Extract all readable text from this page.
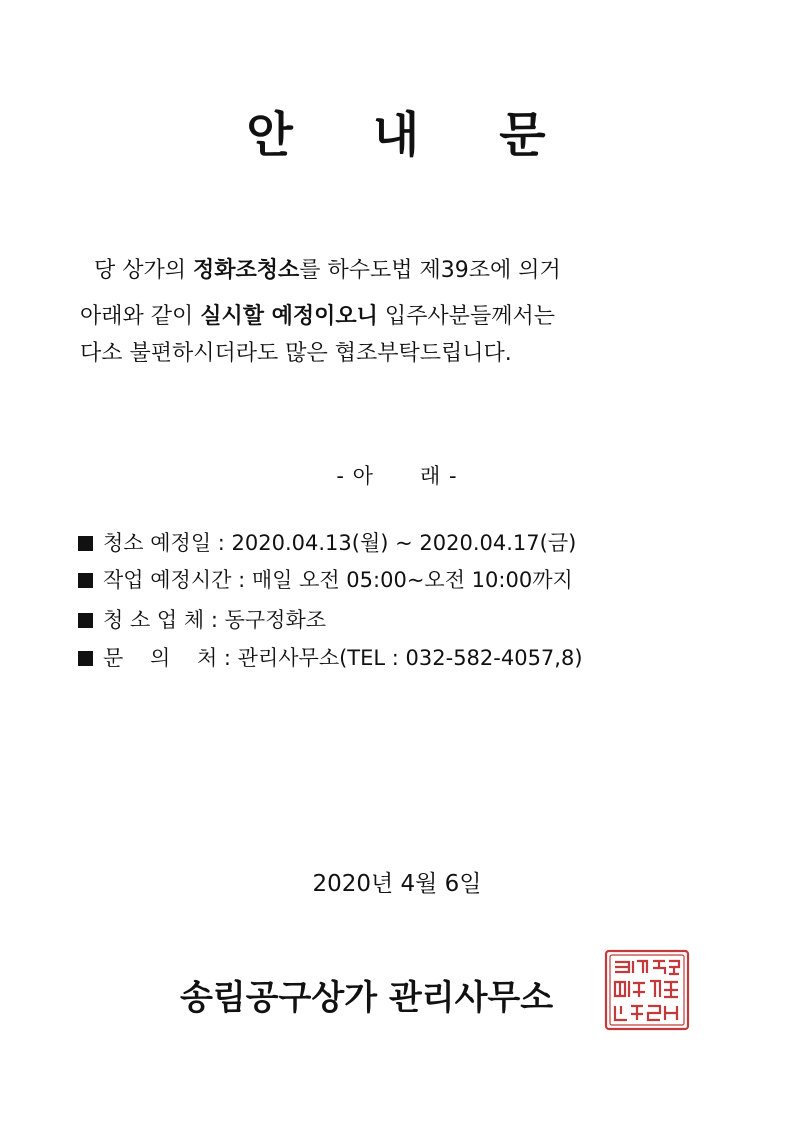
안 내 문
당 상가의 정화조청소를 하수도법 제39조에 의거
아래와 같이 실시할 예정이오니 입주사분들께서는
다소 불편하시더라도 많은 협조부탁드립니다.
- 아      래 -
청소 예정일 : 2020.04.13(월) ~ 2020.04.17(금)
작업 예정시간 : 매일 오전 05:00~오전 10:00까지
청 소 업 체 : 동구정화조
문    의    처 : 관리사무소(TEL : 032-582-4057,8)
2020년 4월 6일
송림공구상가 관리사무소
